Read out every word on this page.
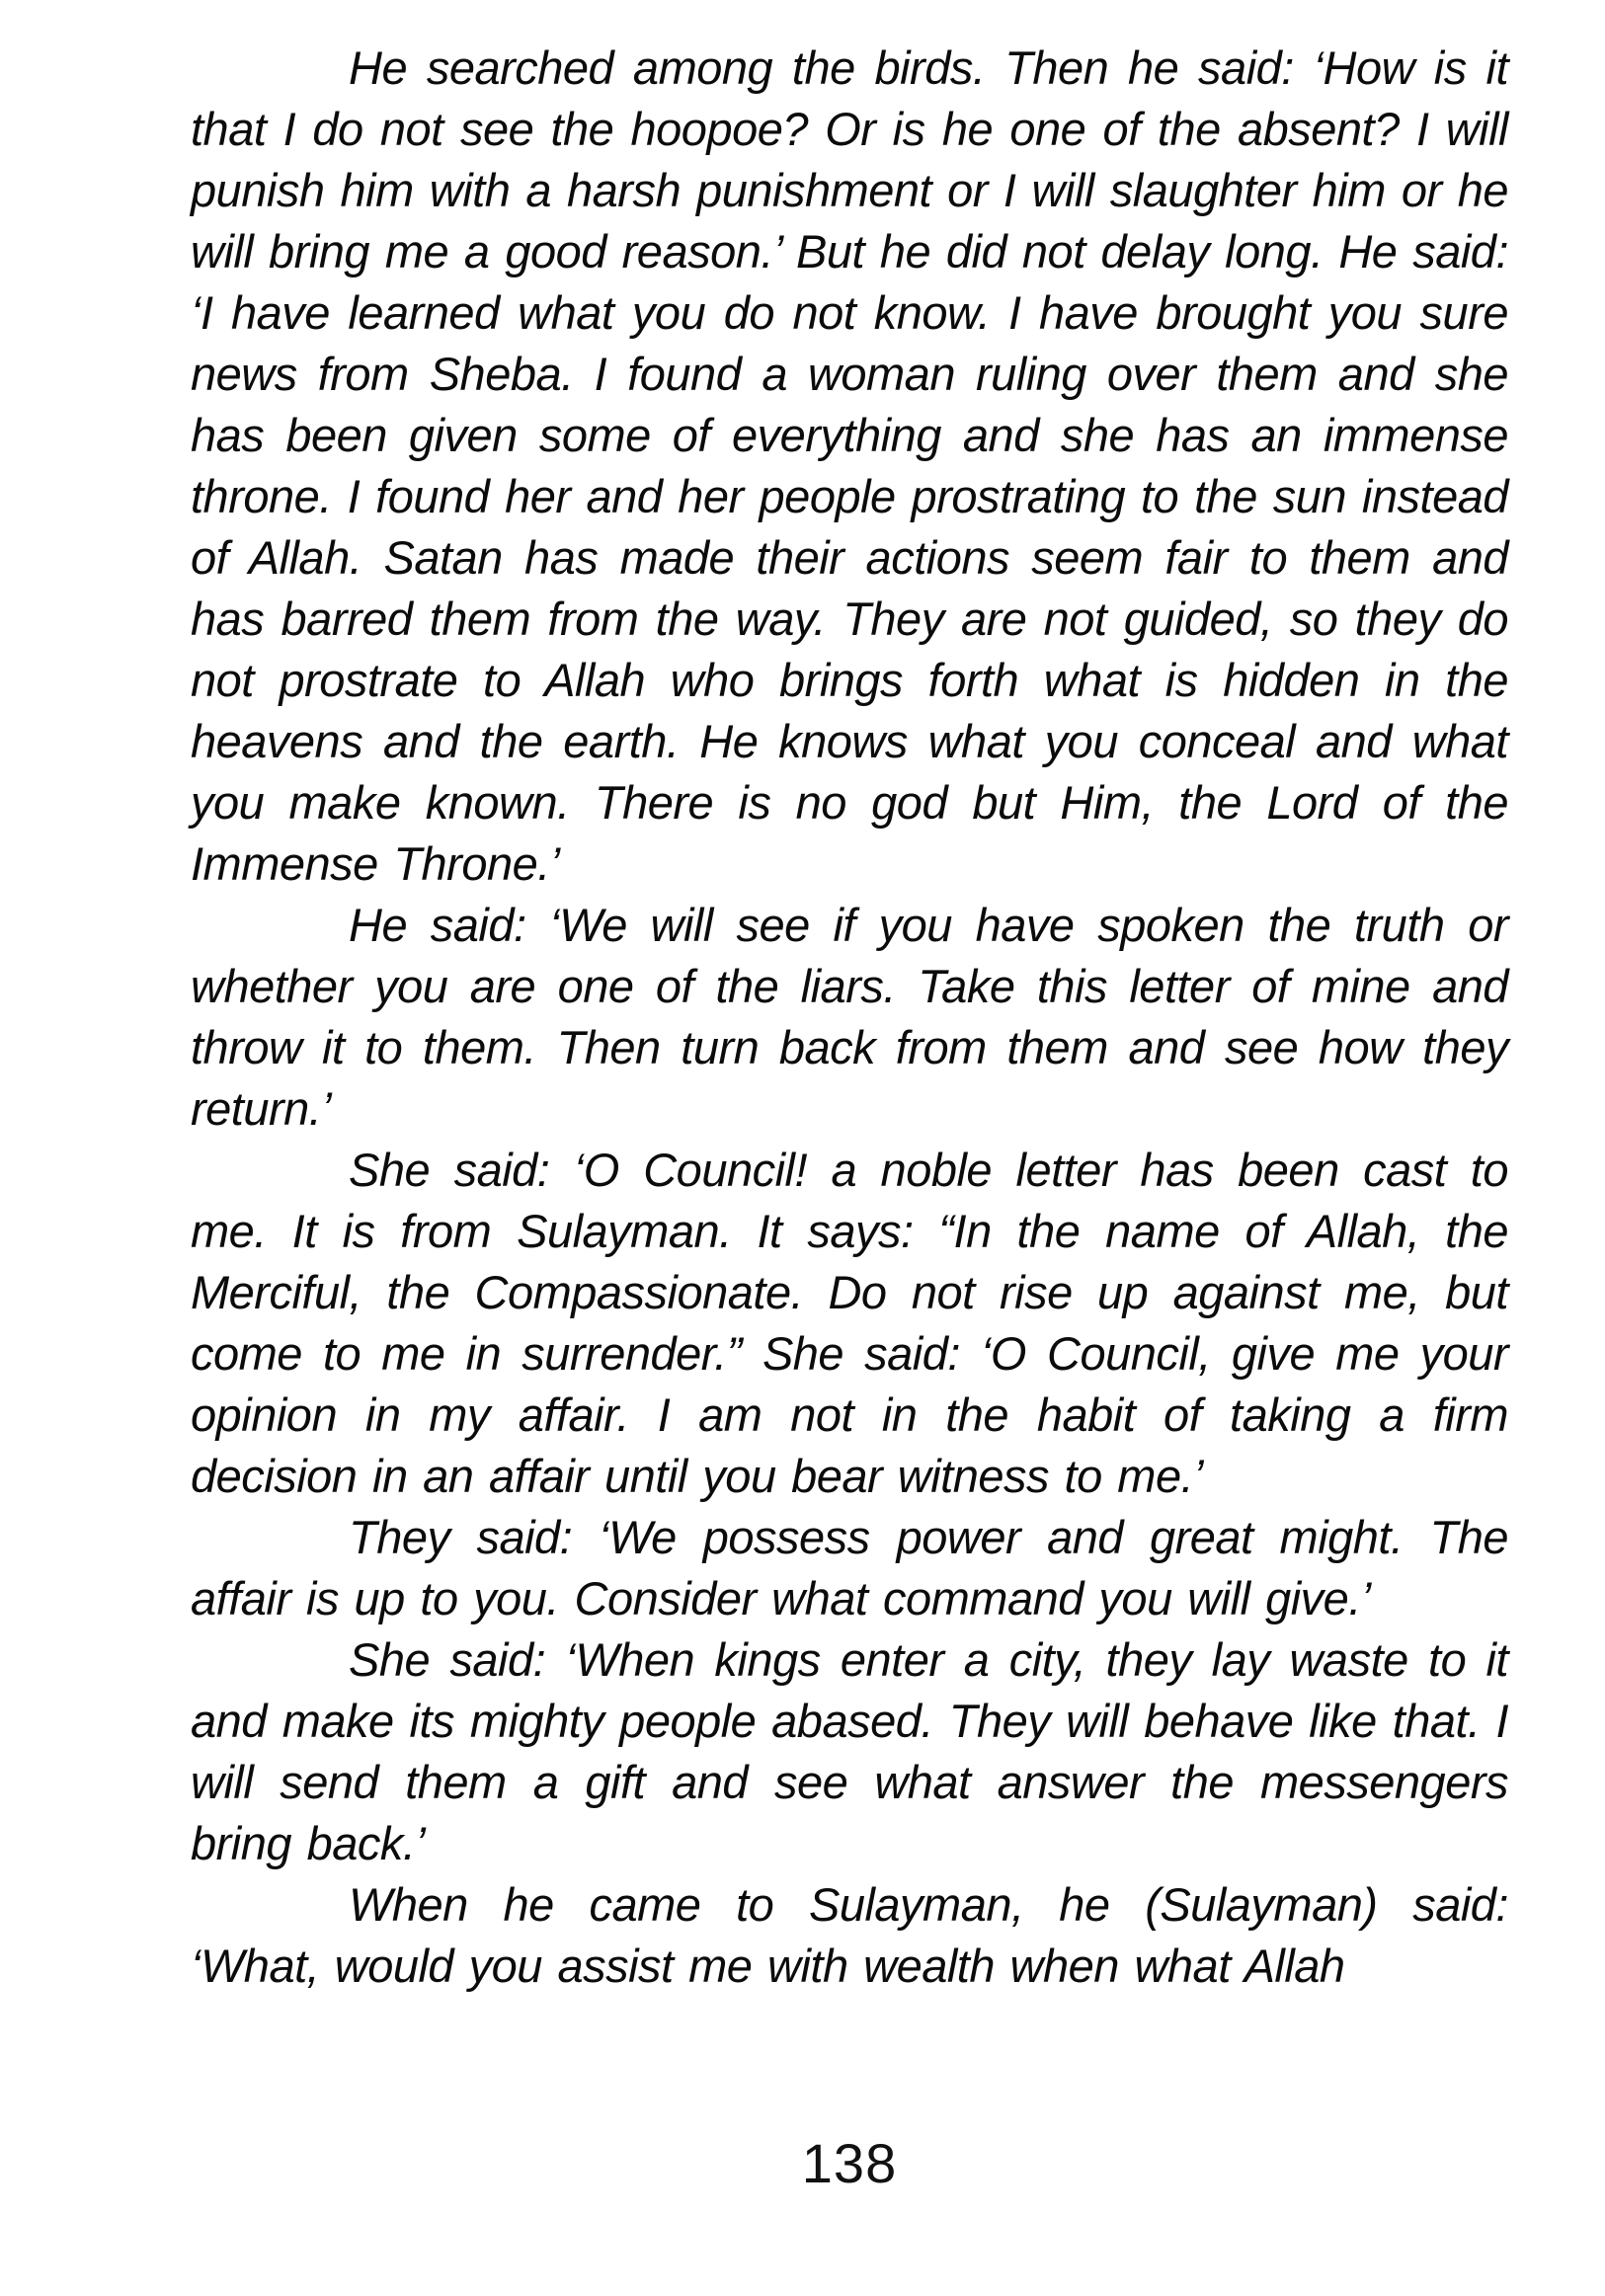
He searched among the birds. Then he said: ‘How is it that I do not see the hoopoe? Or is he one of the absent? I will punish him with a harsh punishment or I will slaughter him or he will bring me a good reason.’ But he did not delay long. He said: ‘I have learned what you do not know. I have brought you sure news from Sheba. I found a woman ruling over them and she has been given some of everything and she has an immense throne. I found her and her people prostrating to the sun instead of Allah. Satan has made their actions seem fair to them and has barred them from the way. They are not guided, so they do not prostrate to Allah who brings forth what is hidden in the heavens and the earth. He knows what you conceal and what you make known. There is no god but Him, the Lord of the Immense Throne.’

He said: ‘We will see if you have spoken the truth or whether you are one of the liars. Take this letter of mine and throw it to them. Then turn back from them and see how they return.’

She said: ‘O Council! a noble letter has been cast to me. It is from Sulayman. It says: “In the name of Allah, the Merciful, the Compassionate. Do not rise up against me, but come to me in surrender.” She said: ‘O Council, give me your opinion in my affair. I am not in the habit of taking a firm decision in an affair until you bear witness to me.’

They said: ‘We possess power and great might. The affair is up to you. Consider what command you will give.’

She said: ‘When kings enter a city, they lay waste to it and make its mighty people abased. They will behave like that. I will send them a gift and see what answer the messengers bring back.’

When he came to Sulayman, he (Sulayman) said: ‘What, would you assist me with wealth when what Allah

138
